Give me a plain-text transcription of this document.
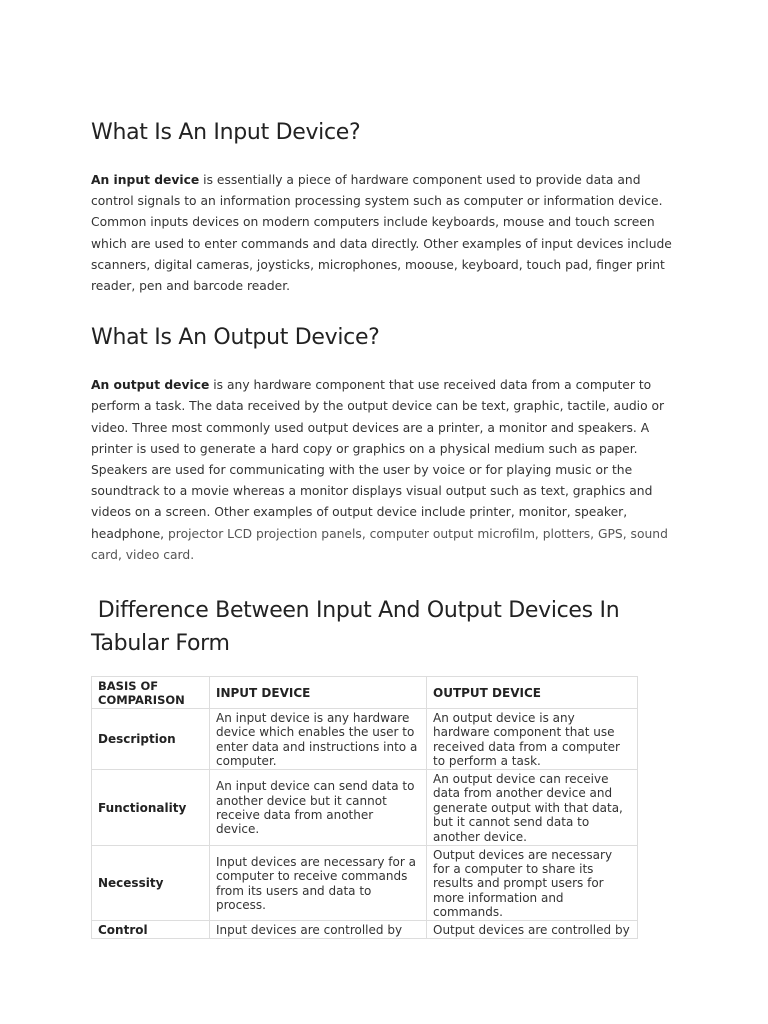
What Is An Input Device?

An input device is essentially a piece of hardware component used to provide data and control signals to an information processing system such as computer or information device. Common inputs devices on modern computers include keyboards, mouse and touch screen which are used to enter commands and data directly. Other examples of input devices include scanners, digital cameras, joysticks, microphones, moouse, keyboard, touch pad, finger print reader, pen and barcode reader.

What Is An Output Device?

An output device is any hardware component that use received data from a computer to perform a task. The data received by the output device can be text, graphic, tactile, audio or video. Three most commonly used output devices are a printer, a monitor and speakers. A printer is used to generate a hard copy or graphics on a physical medium such as paper. Speakers are used for communicating with the user by voice or for playing music or the soundtrack to a movie whereas a monitor displays visual output such as text, graphics and videos on a screen. Other examples of output device include printer, monitor, speaker, headphone, projector LCD projection panels, computer output microfilm, plotters, GPS, sound card, video card.

Difference Between Input And Output Devices In Tabular Form
BASIS OF COMPARISON	INPUT DEVICE	OUTPUT DEVICE
Description	An input device is any hardware device which enables the user to enter data and instructions into a computer.	An output device is any hardware component that use received data from a computer to perform a task.
Functionality	An input device can send data to another device but it cannot receive data from another device.	An output device can receive data from another device and generate output with that data, but it cannot send data to another device.
Necessity	Input devices are necessary for a computer to receive commands from its users and data to process.	Output devices are necessary for a computer to share its results and prompt users for more information and commands.
Control	Input devices are controlled by	Output devices are controlled by
